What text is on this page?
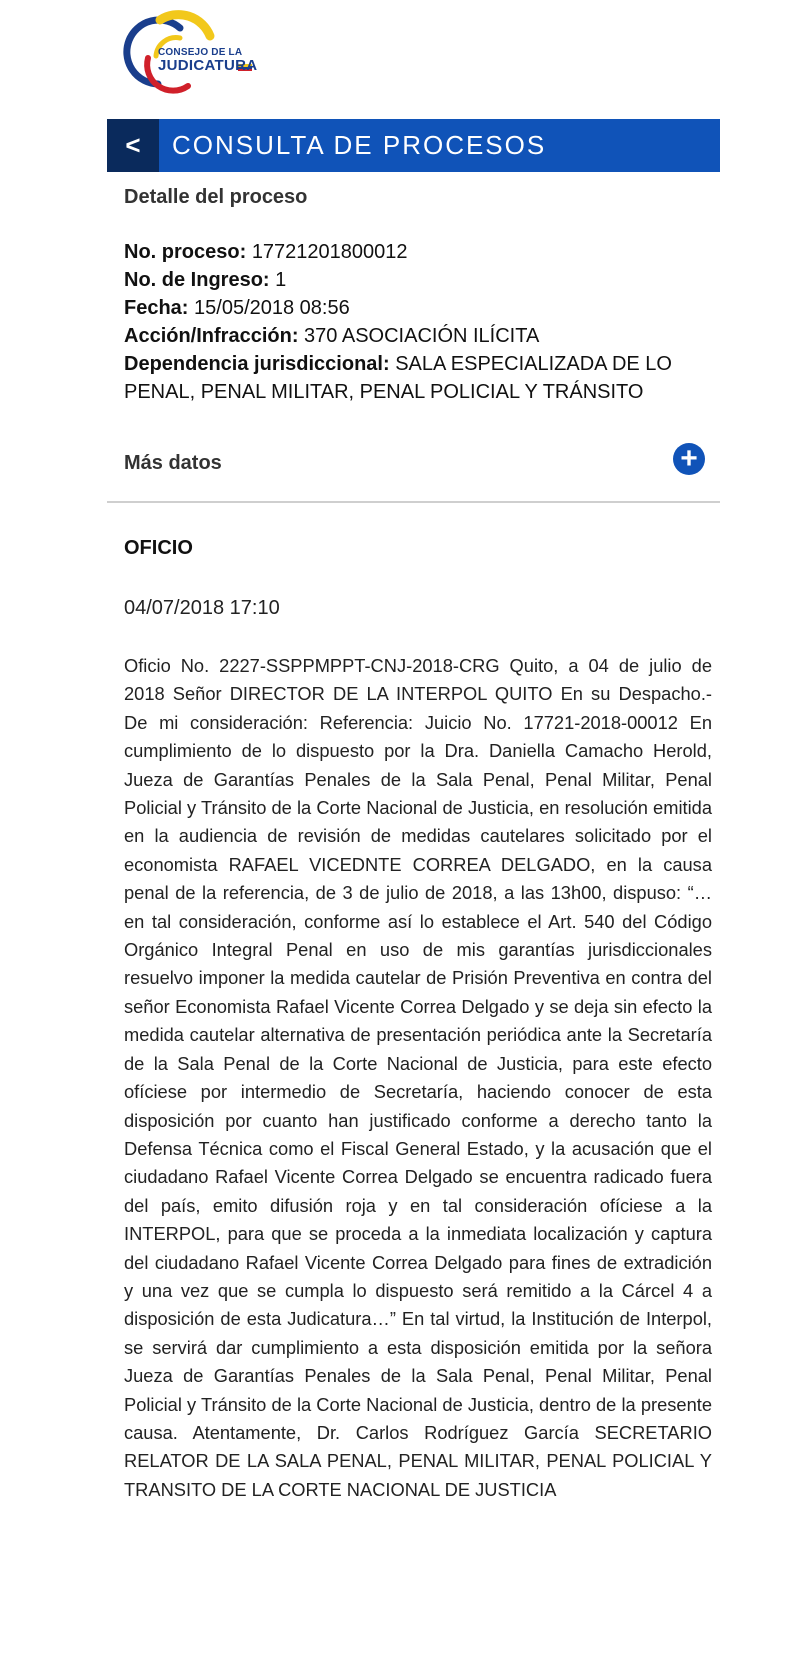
CONSEJO DE LA
JUDICATURA
< CONSULTA DE PROCESOS
Detalle del proceso

No. proceso: 17721201800012

No. de Ingreso: 1

Fecha: 15/05/2018 08:56

Acción/Infracción: 370 ASOCIACIÓN ILÍCITA

Dependencia jurisdiccional: SALA ESPECIALIZADA DE LO PENAL, PENAL MILITAR, PENAL POLICIAL Y TRÁNSITO

Más datos	+
OFICIO
04/07/2018 17:10
Oficio No. 2227-SSPPMPPT-CNJ-2018-CRG Quito, a 04 de julio de 2018 Señor DIRECTOR DE LA INTERPOL QUITO En su Despacho.- De mi consideración: Referencia: Juicio No. 17721-2018-00012 En cumplimiento de lo dispuesto por la Dra. Daniella Camacho Herold, Jueza de Garantías Penales de la Sala Penal, Penal Militar, Penal Policial y Tránsito de la Corte Nacional de Justicia, en resolución emitida en la audiencia de revisión de medidas cautelares solicitado por el economista RAFAEL VICEDNTE CORREA DELGADO, en la causa penal de la referencia, de 3 de julio de 2018, a las 13h00, dispuso: “… en tal consideración, conforme así lo establece el Art. 540 del Código Orgánico Integral Penal en uso de mis garantías jurisdiccionales resuelvo imponer la medida cautelar de Prisión Preventiva en contra del señor Economista Rafael Vicente Correa Delgado y se deja sin efecto la medida cautelar alternativa de presentación periódica ante la Secretaría de la Sala Penal de la Corte Nacional de Justicia, para este efecto ofíciese por intermedio de Secretaría, haciendo conocer de esta disposición por cuanto han justificado conforme a derecho tanto la Defensa Técnica como el Fiscal General Estado, y la acusación que el ciudadano Rafael Vicente Correa Delgado se encuentra radicado fuera del país, emito difusión roja y en tal consideración ofíciese a la INTERPOL, para que se proceda a la inmediata localización y captura del ciudadano Rafael Vicente Correa Delgado para fines de extradición y una vez que se cumpla lo dispuesto será remitido a la Cárcel 4 a disposición de esta Judicatura…” En tal virtud, la Institución de Interpol, se servirá dar cumplimiento a esta disposición emitida por la señora Jueza de Garantías Penales de la Sala Penal, Penal Militar, Penal Policial y Tránsito de la Corte Nacional de Justicia, dentro de la presente causa. Atentamente, Dr. Carlos Rodríguez García SECRETARIO RELATOR DE LA SALA PENAL, PENAL MILITAR, PENAL POLICIAL Y TRANSITO DE LA CORTE NACIONAL DE JUSTICIA
